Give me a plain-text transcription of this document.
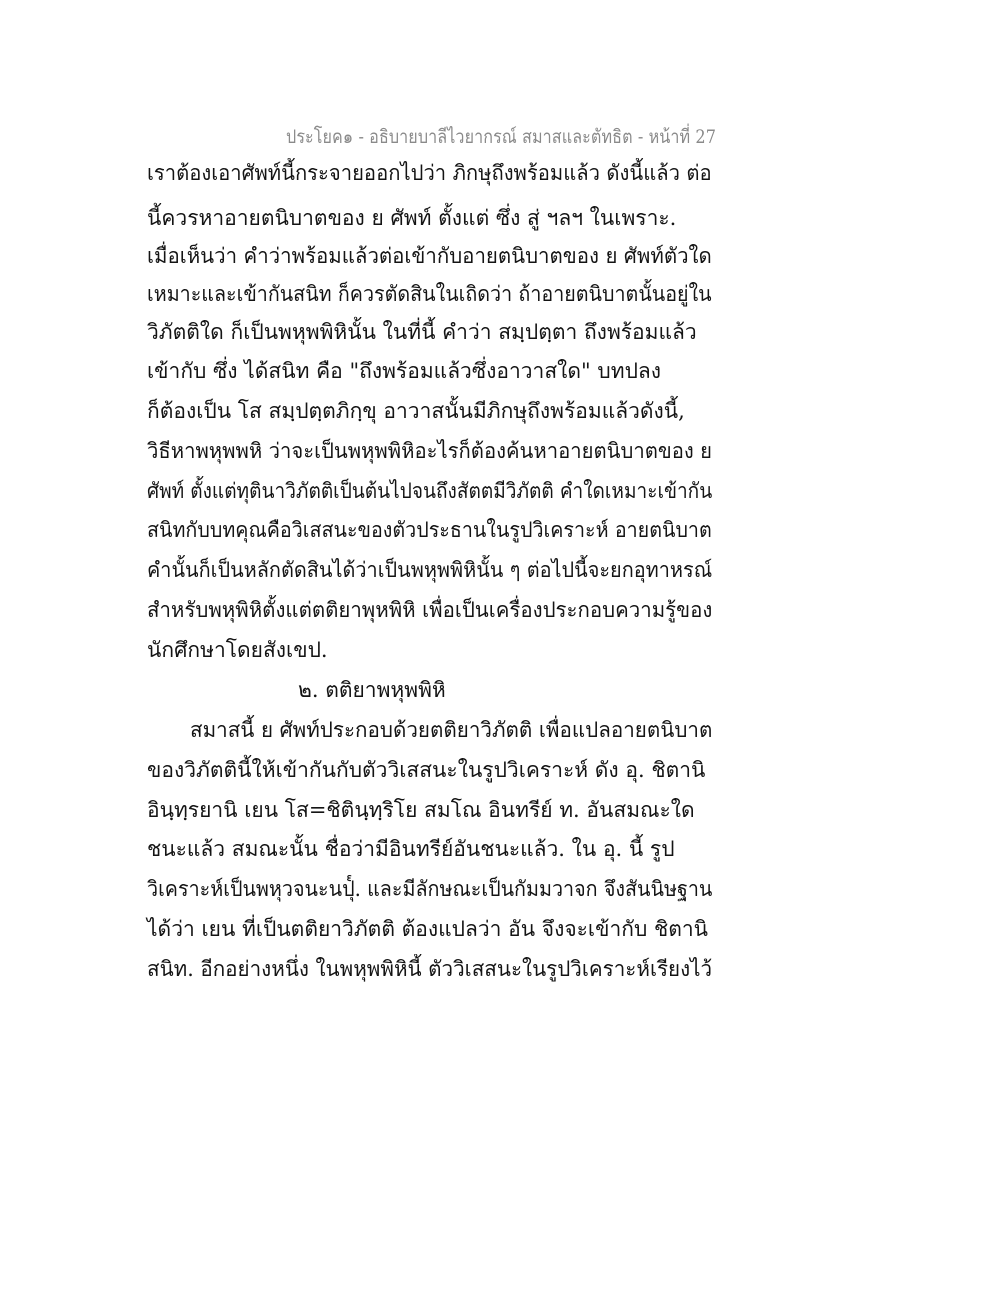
ประโยค๑ - อธิบายบาลีไวยากรณ์ สมาสและตัทธิต - หน้าที่ 27
เราต้องเอาศัพท์นี้กระจายออกไปว่า ภิกษุถึงพร้อมแล้ว ดังนี้แล้ว ต่อ
นี้ควรหาอายตนิบาตของ ย ศัพท์ ตั้งแต่ ซึ่ง สู่ ฯลฯ ในเพราะ.
เมื่อเห็นว่า คำว่าพร้อมแล้วต่อเข้ากับอายตนิบาตของ ย ศัพท์ตัวใด
เหมาะและเข้ากันสนิท ก็ควรตัดสินในเถิดว่า ถ้าอายตนิบาตนั้นอยู่ใน
วิภัตติใด ก็เป็นพหุพพิหินั้น ในที่นี้ คำว่า สมฺปตฺตา ถึงพร้อมแล้ว
เข้ากับ ซึ่ง ได้สนิท คือ "ถึงพร้อมแล้วซึ่งอาวาสใด" บทปลง
ก็ต้องเป็น โส สมฺปตฺตภิกฺขุ อาวาสนั้นมีภิกษุถึงพร้อมแล้วดังนี้,
วิธีหาพหุพพหิ ว่าจะเป็นพหุพพิหิอะไรก็ต้องค้นหาอายตนิบาตของ ย
ศัพท์ ตั้งแต่ทุตินาวิภัตติเป็นต้นไปจนถึงสัตตมีวิภัตติ คำใดเหมาะเข้ากัน
สนิทกับบทคุณคือวิเสสนะของตัวประธานในรูปวิเคราะห์ อายตนิบาต
คำนั้นก็เป็นหลักตัดสินได้ว่าเป็นพหุพพิหินั้น ๆ ต่อไปนี้จะยกอุทาหรณ์
สำหรับพหุพิหิตั้งแต่ตติยาพุหพิหิ เพื่อเป็นเครื่องประกอบความรู้ของ
นักศึกษาโดยสังเขป.
๒. ตติยาพหุพพิหิ
สมาสนี้ ย ศัพท์ประกอบด้วยตติยาวิภัตติ เพื่อแปลอายตนิบาต
ของวิภัตตินี้ให้เข้ากันกับตัววิเสสนะในรูปวิเคราะห์ ดัง อุ. ชิตานิ
อินฺทฺรยานิ เยน โส=ชิตินฺทฺริโย สมโณ อินทรีย์ ท. อันสมณะใด
ชนะแล้ว สมณะนั้น ชื่อว่ามีอินทรีย์อันชนะแล้ว. ใน อุ. นี้ รูป
วิเคราะห์เป็นพหุวจนะนปุ๎. และมีลักษณะเป็นกัมมวาจก จึงสันนิษฐาน
ได้ว่า เยน ที่เป็นตติยาวิภัตติ ต้องแปลว่า อัน จึงจะเข้ากับ ชิตานิ
สนิท. อีกอย่างหนึ่ง ในพหุพพิหินี้ ตัววิเสสนะในรูปวิเคราะห์เรียงไว้
